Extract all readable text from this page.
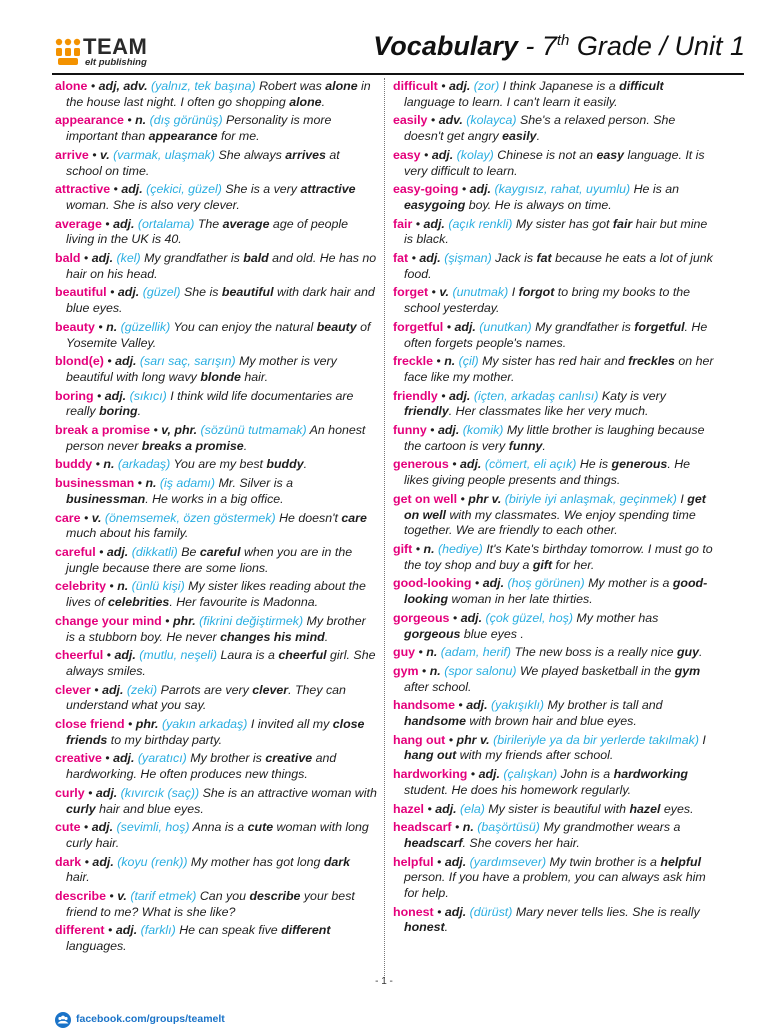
TEAM
elt publishing
Vocabulary - 7th Grade / Unit 1
alone • adj, adv. (yalnız, tek başına) Robert was alone in the house last night. I often go shopping alone.
appearance • n. (dış görünüş) Personality is more important than appearance for me.
arrive • v. (varmak, ulaşmak) She always arrives at school on time.
attractive • adj. (çekici, güzel) She is a very attractive woman. She is also very clever.
average • adj. (ortalama) The average age of people living in the UK is 40.
bald • adj. (kel) My grandfather is bald and old. He has no hair on his head.
beautiful • adj. (güzel) She is beautiful with dark hair and blue eyes.
beauty • n. (güzellik) You can enjoy the natural beauty of Yosemite Valley.
blond(e) • adj. (sarı saç, sarışın) My mother is very beautiful with long wavy blonde hair.
boring • adj. (sıkıcı) I think wild life documentaries are really boring.
break a promise • v, phr. (sözünü tutmamak) An honest person never breaks a promise.
buddy • n. (arkadaş) You are my best buddy.
businessman • n. (iş adamı) Mr. Silver is a businessman. He works in a big office.
care • v. (önemsemek, özen göstermek) He doesn't care much about his family.
careful • adj. (dikkatli) Be careful when you are in the jungle because there are some lions.
celebrity • n. (ünlü kişi) My sister likes reading about the lives of celebrities. Her favourite is Madonna.
change your mind • phr. (fikrini değiştirmek) My brother is a stubborn boy. He never changes his mind.
cheerful • adj. (mutlu, neşeli) Laura is a cheerful girl. She always smiles.
clever • adj. (zeki) Parrots are very clever. They can understand what you say.
close friend • phr. (yakın arkadaş) I invited all my close friends to my birthday party.
creative • adj. (yaratıcı) My brother is creative and hardworking. He often produces new things.
curly • adj. (kıvırcık (saç)) She is an attractive woman with curly hair and blue eyes.
cute • adj. (sevimli, hoş) Anna is a cute woman with long curly hair.
dark • adj. (koyu (renk)) My mother has got long dark hair.
describe • v. (tarif etmek) Can you describe your best friend to me? What is she like?
different • adj. (farklı) He can speak five different languages.
difficult • adj. (zor) I think Japanese is a difficult language to learn. I can't learn it easily.
easily • adv. (kolayca) She's a relaxed person. She doesn't get angry easily.
easy • adj. (kolay) Chinese is not an easy language. It is very difficult to learn.
easy-going • adj. (kaygısız, rahat, uyumlu) He is an easygoing boy. He is always on time.
fair • adj. (açık renkli) My sister has got fair hair but mine is black.
fat • adj. (şişman) Jack is fat because he eats a lot of junk food.
forget • v. (unutmak) I forgot to bring my books to the school yesterday.
forgetful • adj. (unutkan) My grandfather is forgetful. He often forgets people's names.
freckle • n. (çil) My sister has red hair and freckles on her face like my mother.
friendly • adj. (içten, arkadaş canlısı) Katy is very friendly. Her classmates like her very much.
funny • adj. (komik) My little brother is laughing because the cartoon is very funny.
generous • adj. (cömert, eli açık) He is generous. He likes giving people presents and things.
get on well • phr v. (biriyle iyi anlaşmak, geçinmek) I get on well with my classmates. We enjoy spending time together. We are friendly to each other.
gift • n. (hediye) It's Kate's birthday tomorrow. I must go to the toy shop and buy a gift for her.
good-looking • adj. (hoş görünen) My mother is a good-looking woman in her late thirties.
gorgeous • adj. (çok güzel, hoş) My mother has gorgeous blue eyes .
guy • n. (adam, herif) The new boss is a really nice guy.
gym • n. (spor salonu) We played basketball in the gym after school.
handsome • adj. (yakışıklı) My brother is tall and handsome with brown hair and blue eyes.
hang out • phr v. (birileriyle ya da bir yerlerde takılmak) I hang out with my friends after school.
hardworking • adj. (çalışkan) John is a hardworking student. He does his homework regularly.
hazel • adj. (ela) My sister is beautiful with hazel eyes.
headscarf • n. (başörtüsü) My grandmother wears a headscarf. She covers her hair.
helpful • adj. (yardımsever) My twin brother is a helpful person. If you have a problem, you can always ask him for help.
honest • adj. (dürüst) Mary never tells lies. She is really honest.
- 1 -
facebook.com/groups/teamelt
